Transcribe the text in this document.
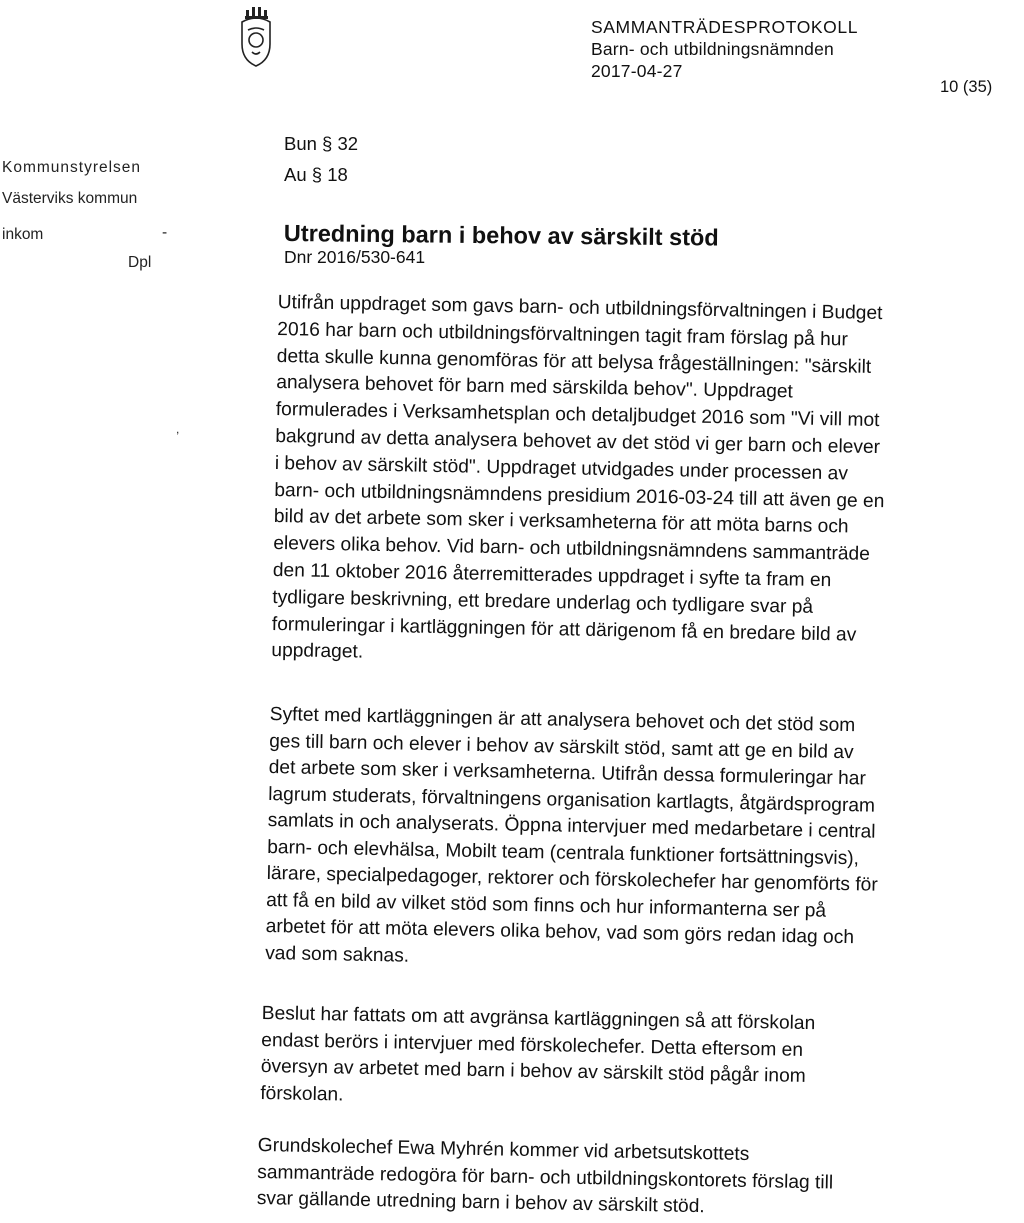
SAMMANTRÄDESPROTOKOLL
Barn- och utbildningsnämnden
2017-04-27
10 (35)
Kommunstyrelsen
Västerviks kommun
inkom	-
Dpl
,
Bun § 32
Au § 18
Utredning barn i behov av särskilt stöd
Dnr 2016/530-641
Utifrån uppdraget som gavs barn- och utbildningsförvaltningen i Budget
2016 har barn och utbildningsförvaltningen tagit fram förslag på hur
detta skulle kunna genomföras för att belysa frågeställningen: "särskilt
analysera behovet för barn med särskilda behov". Uppdraget
formulerades i Verksamhetsplan och detaljbudget 2016 som "Vi vill mot
bakgrund av detta analysera behovet av det stöd vi ger barn och elever
i behov av särskilt stöd". Uppdraget utvidgades under processen av
barn- och utbildningsnämndens presidium 2016-03-24 till att även ge en
bild av det arbete som sker i verksamheterna för att möta barns och
elevers olika behov. Vid barn- och utbildningsnämndens sammanträde
den 11 oktober 2016 återremitterades uppdraget i syfte ta fram en
tydligare beskrivning, ett bredare underlag och tydligare svar på
formuleringar i kartläggningen för att därigenom få en bredare bild av
uppdraget.
Syftet med kartläggningen är att analysera behovet och det stöd som
ges till barn och elever i behov av särskilt stöd, samt att ge en bild av
det arbete som sker i verksamheterna. Utifrån dessa formuleringar har
lagrum studerats, förvaltningens organisation kartlagts, åtgärdsprogram
samlats in och analyserats. Öppna intervjuer med medarbetare i central
barn- och elevhälsa, Mobilt team (centrala funktioner fortsättningsvis),
lärare, specialpedagoger, rektorer och förskolechefer har genomförts för
att få en bild av vilket stöd som finns och hur informanterna ser på
arbetet för att möta elevers olika behov, vad som görs redan idag och
vad som saknas.
Beslut har fattats om att avgränsa kartläggningen så att förskolan
endast berörs i intervjuer med förskolechefer. Detta eftersom en
översyn av arbetet med barn i behov av särskilt stöd pågår inom
förskolan.
Grundskolechef Ewa Myhrén kommer vid arbetsutskottets
sammanträde redogöra för barn- och utbildningskontorets förslag till
svar gällande utredning barn i behov av särskilt stöd.
